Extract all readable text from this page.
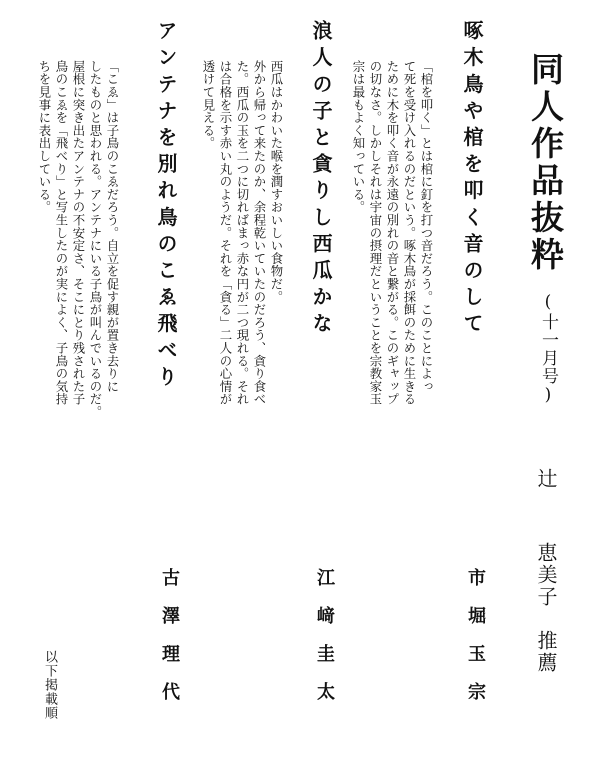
同人作品抜粋
(十一月号)
辻
恵美子
推薦
啄木鳥や棺を叩く音のして
「棺を叩く」とは棺に釘を打つ音だろう。このことによっ
て死を受け入れるのだという。啄木鳥が採餌のために生きる
ために木を叩く音が永遠の別れの音と繋がる。このギャップ
の切なさ。しかしそれは宇宙の摂理だということを宗教家玉
宗は最もよく知っている。
市堀玉宗
浪人の子と貪りし西瓜かな
西瓜はかわいた喉を潤すおいしい食物だ。
外から帰って来たのか、余程乾いていたのだろう、貪り食べ
た。西瓜の玉を二つに切ればまっ赤な円が二つ現れる。それ
は合格を示す赤い丸のようだ。それを「貪る」二人の心情が
透けて見える。
江﨑圭太
アンテナを別れ鳥のこゑ飛べり
「こゑ」は子鳥のこゑだろう。自立を促す親が置き去りに
したものと思われる。アンテナにいる子鳥が叫んでいるのだ。
屋根に突き出たアンテナの不安定さ、そこにとり残された子
鳥のこゑを「飛べり」と写生したのが実によく、子鳥の気持
ちを見事に表出している。
古澤理代
以下掲載順
